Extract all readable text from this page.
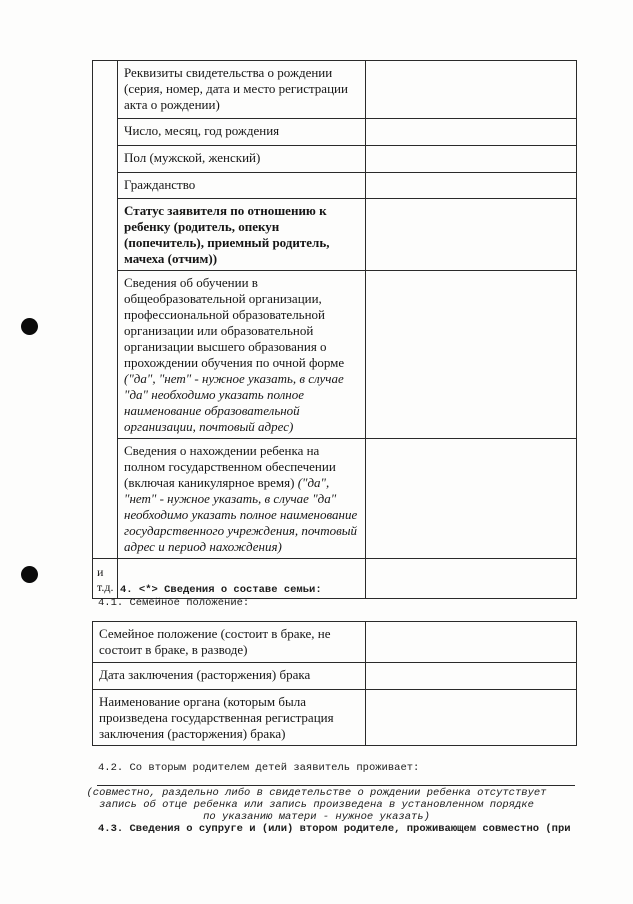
	Реквизиты свидетельства о рождении (серия, номер, дата и место регистрации акта о рождении)	

	Число, месяц, год рождения	

	Пол (мужской, женский)	

	Гражданство	

	Статус заявителя по отношению к ребенку (родитель, опекун (попечитель), приемный родитель, мачеха (отчим))	

	Сведения об обучении в общеобразовательной организации, профессиональной образовательной организации или образовательной организации высшего образования о прохождении обучения по очной форме ("да", "нет" - нужное указать, в случае "да" необходимо указать полное наименование образовательной организации, почтовый адрес)	

	Сведения о нахождении ребенка на полном государственном обеспечении (включая каникулярное время) ("да", "нет" - нужное указать, в случае "да" необходимо указать полное наименование государственного учреждения, почтовый адрес и период нахождения)	

и т.д.		
		4. <*> Сведения о составе семьи:
4.1. Семейное положение:
Семейное положение (состоит в браке, не состоит в браке, в разводе)	

Дата заключения (расторжения) брака	

Наименование органа (которым была произведена государственная регистрация заключения (расторжения) брака)	

4.2. Со вторым родителем детей заявитель проживает:
(совместно, раздельно либо в свидетельстве о рождении ребенка отсутствует
запись об отце ребенка или запись произведена в установленном порядке
по указанию матери - нужное указать)
4.3. Сведения о супруге и (или) втором родителе, проживающем совместно (при
